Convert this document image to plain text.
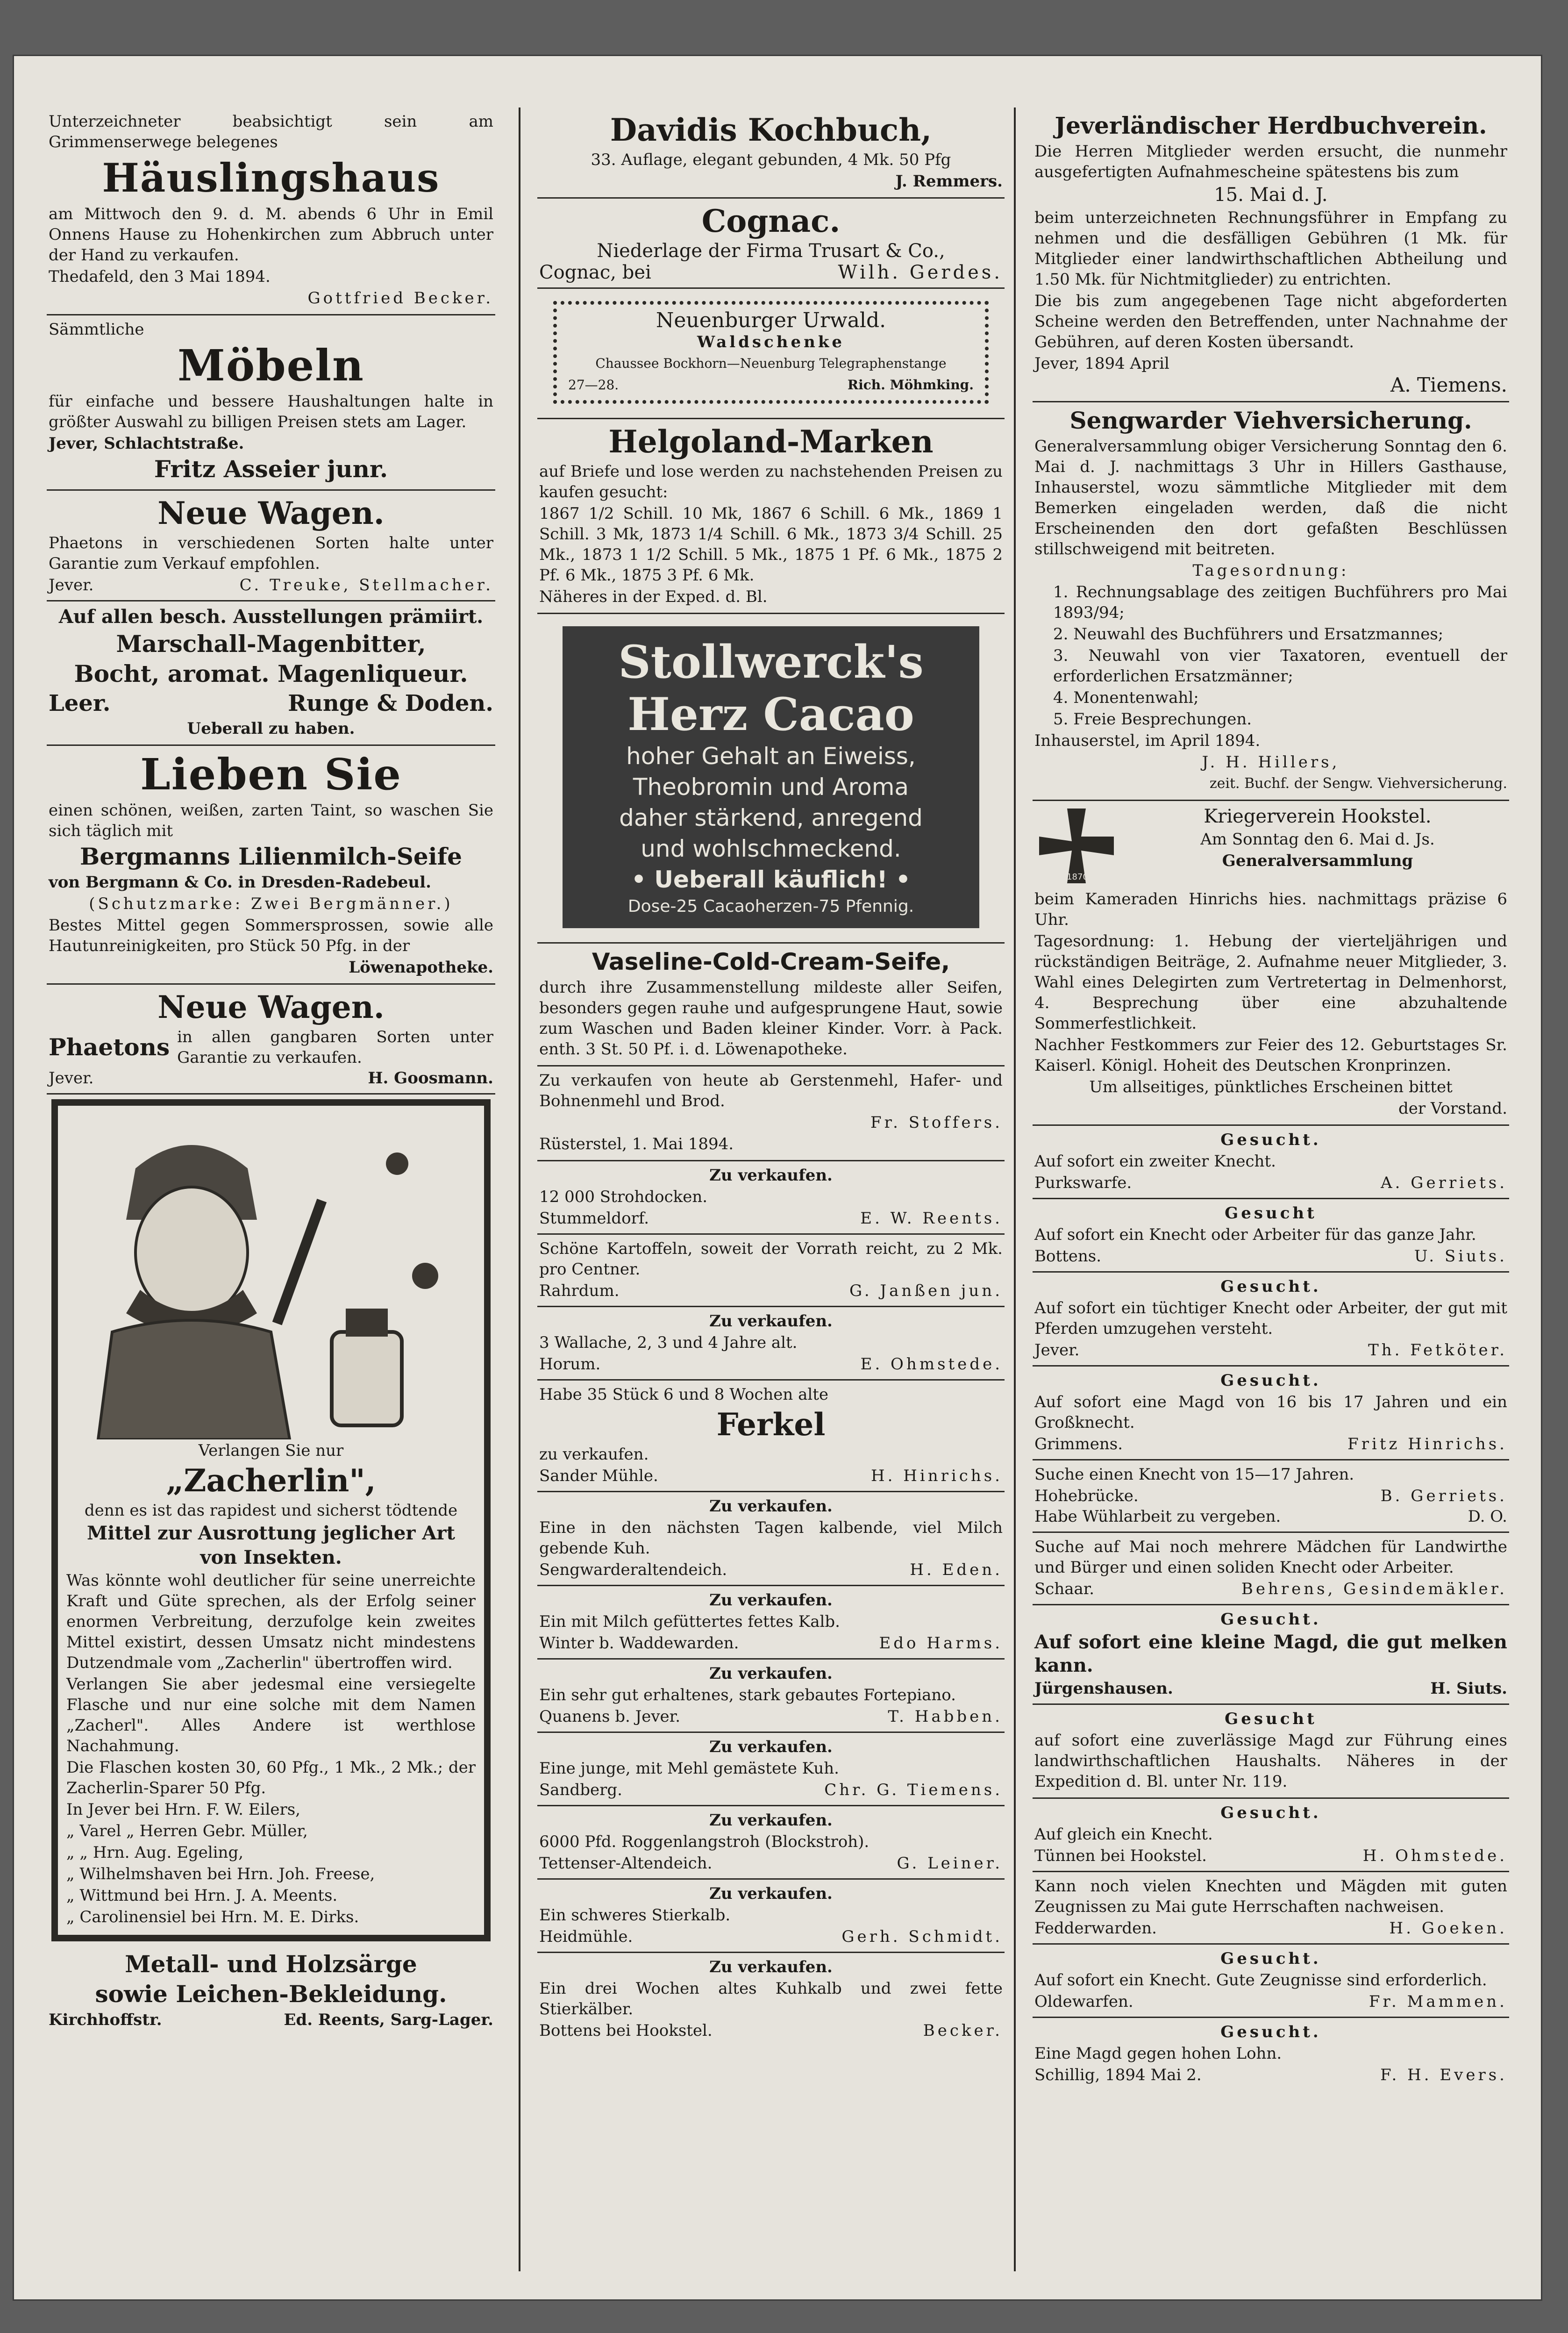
Unterzeichneter beabsichtigt sein am Grimmenserwege belegenes

Häuslingshaus

am Mittwoch den 9. d. M. abends 6 Uhr in Emil Onnens Hause zu Hohenkirchen zum Abbruch unter der Hand zu verkaufen.

Thedafeld, den 3 Mai 1894.

Gottfried Becker.

Sämmtliche

Möbeln

für einfache und bessere Haushaltungen halte in größter Auswahl zu billigen Preisen stets am Lager.

Jever, Schlachtstraße.

Fritz Asseier junr.

Neue Wagen.

Phaetons in verschiedenen Sorten halte unter Garantie zum Verkauf empfohlen.

Jever.	C. Treuke, Stellmacher.

Auf allen besch. Ausstellungen prämiirt.

Marschall-Magenbitter,

Bocht, aromat. Magenliqueur.

Leer.	Runge & Doden.

Ueberall zu haben.

Lieben Sie

einen schönen, weißen, zarten Taint, so waschen Sie sich täglich mit

Bergmanns Lilienmilch-Seife

von Bergmann & Co. in Dresden-Radebeul.

(Schutzmarke: Zwei Bergmänner.)

Bestes Mittel gegen Sommersprossen, sowie alle Hautunreinigkeiten, pro Stück 50 Pfg. in der

Löwenapotheke.

Neue Wagen.

Phaetons in allen gangbaren Sorten unter Garantie zu verkaufen.
Jever.	H. Goosmann.

Verlangen Sie nur

„Zacherlin",

denn es ist das rapidest und sicherst tödtende

Mittel zur Ausrottung jeglicher Art

von Insekten.

Was könnte wohl deutlicher für seine unerreichte Kraft und Güte sprechen, als der Erfolg seiner enormen Verbreitung, derzufolge kein zweites Mittel existirt, dessen Umsatz nicht mindestens Dutzendmale vom „Zacherlin" übertroffen wird.

Verlangen Sie aber jedesmal eine versiegelte Flasche und nur eine solche mit dem Namen „Zacherl". Alles Andere ist werthlose Nachahmung.

Die Flaschen kosten 30, 60 Pfg., 1 Mk., 2 Mk.; der Zacherlin-Sparer 50 Pfg.

In Jever bei Hrn. F. W. Eilers,

„ Varel „ Herren Gebr. Müller,

„ „ Hrn. Aug. Egeling,

„ Wilhelmshaven bei Hrn. Joh. Freese,

„ Wittmund bei Hrn. J. A. Meents.

„ Carolinensiel bei Hrn. M. E. Dirks.

Metall- und Holzsärge

sowie Leichen-Bekleidung.

Kirchhoffstr.	Ed. Reents, Sarg-Lager.

Davidis Kochbuch,

33. Auflage, elegant gebunden, 4 Mk. 50 Pfg

J. Remmers.

Cognac.

Niederlage der Firma Trusart & Co.,

Cognac, bei	Wilh. Gerdes.

Neuenburger Urwald.

Waldschenke

Chaussee Bockhorn—Neuenburg Telegraphenstange

27—28.	Rich. Möhmking.

Helgoland-Marken

auf Briefe und lose werden zu nachstehenden Preisen zu kaufen gesucht:

1867 1/2 Schill. 10 Mk, 1867 6 Schill. 6 Mk., 1869 1 Schill. 3 Mk, 1873 1/4 Schill. 6 Mk., 1873 3/4 Schill. 25 Mk., 1873 1 1/2 Schill. 5 Mk., 1875 1 Pf. 6 Mk., 1875 2 Pf. 6 Mk., 1875 3 Pf. 6 Mk.

Näheres in der Exped. d. Bl.

Stollwerck's

Herz Cacao

hoher Gehalt an Eiweiss,

Theobromin und Aroma

daher stärkend, anregend

und wohlschmeckend.

• Ueberall käuflich! •

Dose-25 Cacaoherzen-75 Pfennig.

Vaseline-Cold-Cream-Seife,

durch ihre Zusammenstellung mildeste aller Seifen, besonders gegen rauhe und aufgesprungene Haut, sowie zum Waschen und Baden kleiner Kinder. Vorr. à Pack. enth. 3 St. 50 Pf. i. d. Löwenapotheke.

Zu verkaufen von heute ab Gerstenmehl, Hafer- und Bohnenmehl und Brod.

Fr. Stoffers.

Rüsterstel, 1. Mai 1894.

Zu verkaufen.

12 000 Strohdocken.

Stummeldorf.	E. W. Reents.

Schöne Kartoffeln, soweit der Vorrath reicht, zu 2 Mk. pro Centner.

Rahrdum.	G. Janßen jun.

Zu verkaufen.

3 Wallache, 2, 3 und 4 Jahre alt.

Horum.	E. Ohmstede.

Habe 35 Stück 6 und 8 Wochen alte

Ferkel

zu verkaufen.

Sander Mühle.	H. Hinrichs.

Zu verkaufen.

Eine in den nächsten Tagen kalbende, viel Milch gebende Kuh.

Sengwarderaltendeich.	H. Eden.

Zu verkaufen.

Ein mit Milch gefüttertes fettes Kalb.

Winter b. Waddewarden.	Edo Harms.

Zu verkaufen.

Ein sehr gut erhaltenes, stark gebautes Fortepiano.

Quanens b. Jever.	T. Habben.

Zu verkaufen.

Eine junge, mit Mehl gemästete Kuh.

Sandberg.	Chr. G. Tiemens.

Zu verkaufen.

6000 Pfd. Roggenlangstroh (Blockstroh).

Tettenser-Altendeich.	G. Leiner.

Zu verkaufen.

Ein schweres Stierkalb.

Heidmühle.	Gerh. Schmidt.

Zu verkaufen.

Ein drei Wochen altes Kuhkalb und zwei fette Stierkälber.

Bottens bei Hookstel.	Becker.

Jeverländischer Herdbuchverein.

Die Herren Mitglieder werden ersucht, die nunmehr ausgefertigten Aufnahmescheine spätestens bis zum

15. Mai d. J.

beim unterzeichneten Rechnungsführer in Empfang zu nehmen und die desfälligen Gebühren (1 Mk. für Mitglieder einer landwirthschaftlichen Abtheilung und 1.50 Mk. für Nichtmitglieder) zu entrichten.

Die bis zum angegebenen Tage nicht abgeforderten Scheine werden den Betreffenden, unter Nachnahme der Gebühren, auf deren Kosten übersandt.

Jever, 1894 April

A. Tiemens.

Sengwarder Viehversicherung.

Generalversammlung obiger Versicherung Sonntag den 6. Mai d. J. nachmittags 3 Uhr in Hillers Gasthause, Inhauserstel, wozu sämmtliche Mitglieder mit dem Bemerken eingeladen werden, daß die nicht Erscheinenden den dort gefaßten Beschlüssen stillschweigend mit beitreten.

Tagesordnung:

1. Rechnungsablage des zeitigen Buchführers pro Mai 1893/94;

2. Neuwahl des Buchführers und Ersatzmannes;

3. Neuwahl von vier Taxatoren, eventuell der erforderlichen Ersatzmänner;

4. Monentenwahl;

5. Freie Besprechungen.

Inhauserstel, im April 1894.

J. H. Hillers,

zeit. Buchf. der Sengw. Viehversicherung.

1870

Kriegerverein Hookstel.

Am Sonntag den 6. Mai d. Js.

Generalversammlung

beim Kameraden Hinrichs hies. nachmittags präzise 6 Uhr.

Tagesordnung: 1. Hebung der vierteljährigen und rückständigen Beiträge, 2. Aufnahme neuer Mitglieder, 3. Wahl eines Delegirten zum Vertretertag in Delmenhorst, 4. Besprechung über eine abzuhaltende Sommerfestlichkeit.

Nachher Festkommers zur Feier des 12. Geburtstages Sr. Kaiserl. Königl. Hoheit des Deutschen Kronprinzen.

Um allseitiges, pünktliches Erscheinen bittet

der Vorstand.

Gesucht.

Auf sofort ein zweiter Knecht.

Purkswarfe.	A. Gerriets.

Gesucht

Auf sofort ein Knecht oder Arbeiter für das ganze Jahr.

Bottens.	U. Siuts.

Gesucht.

Auf sofort ein tüchtiger Knecht oder Arbeiter, der gut mit Pferden umzugehen versteht.

Jever.	Th. Fetköter.

Gesucht.

Auf sofort eine Magd von 16 bis 17 Jahren und ein Großknecht.

Grimmens.	Fritz Hinrichs.

Suche einen Knecht von 15—17 Jahren.

Hohebrücke.	B. Gerriets.
Habe Wühlarbeit zu vergeben.	D. O.

Suche auf Mai noch mehrere Mädchen für Landwirthe und Bürger und einen soliden Knecht oder Arbeiter.

Schaar.	Behrens, Gesindemäkler.

Gesucht.

Auf sofort eine kleine Magd, die gut melken kann.

Jürgenshausen.	H. Siuts.

Gesucht

auf sofort eine zuverlässige Magd zur Führung eines landwirthschaftlichen Haushalts. Näheres in der Expedition d. Bl. unter Nr. 119.

Gesucht.

Auf gleich ein Knecht.

Tünnen bei Hookstel.	H. Ohmstede.

Kann noch vielen Knechten und Mägden mit guten Zeugnissen zu Mai gute Herrschaften nachweisen.

Fedderwarden.	H. Goeken.

Gesucht.

Auf sofort ein Knecht. Gute Zeugnisse sind erforderlich.

Oldewarfen.	Fr. Mammen.

Gesucht.

Eine Magd gegen hohen Lohn.

Schillig, 1894 Mai 2.	F. H. Evers.
